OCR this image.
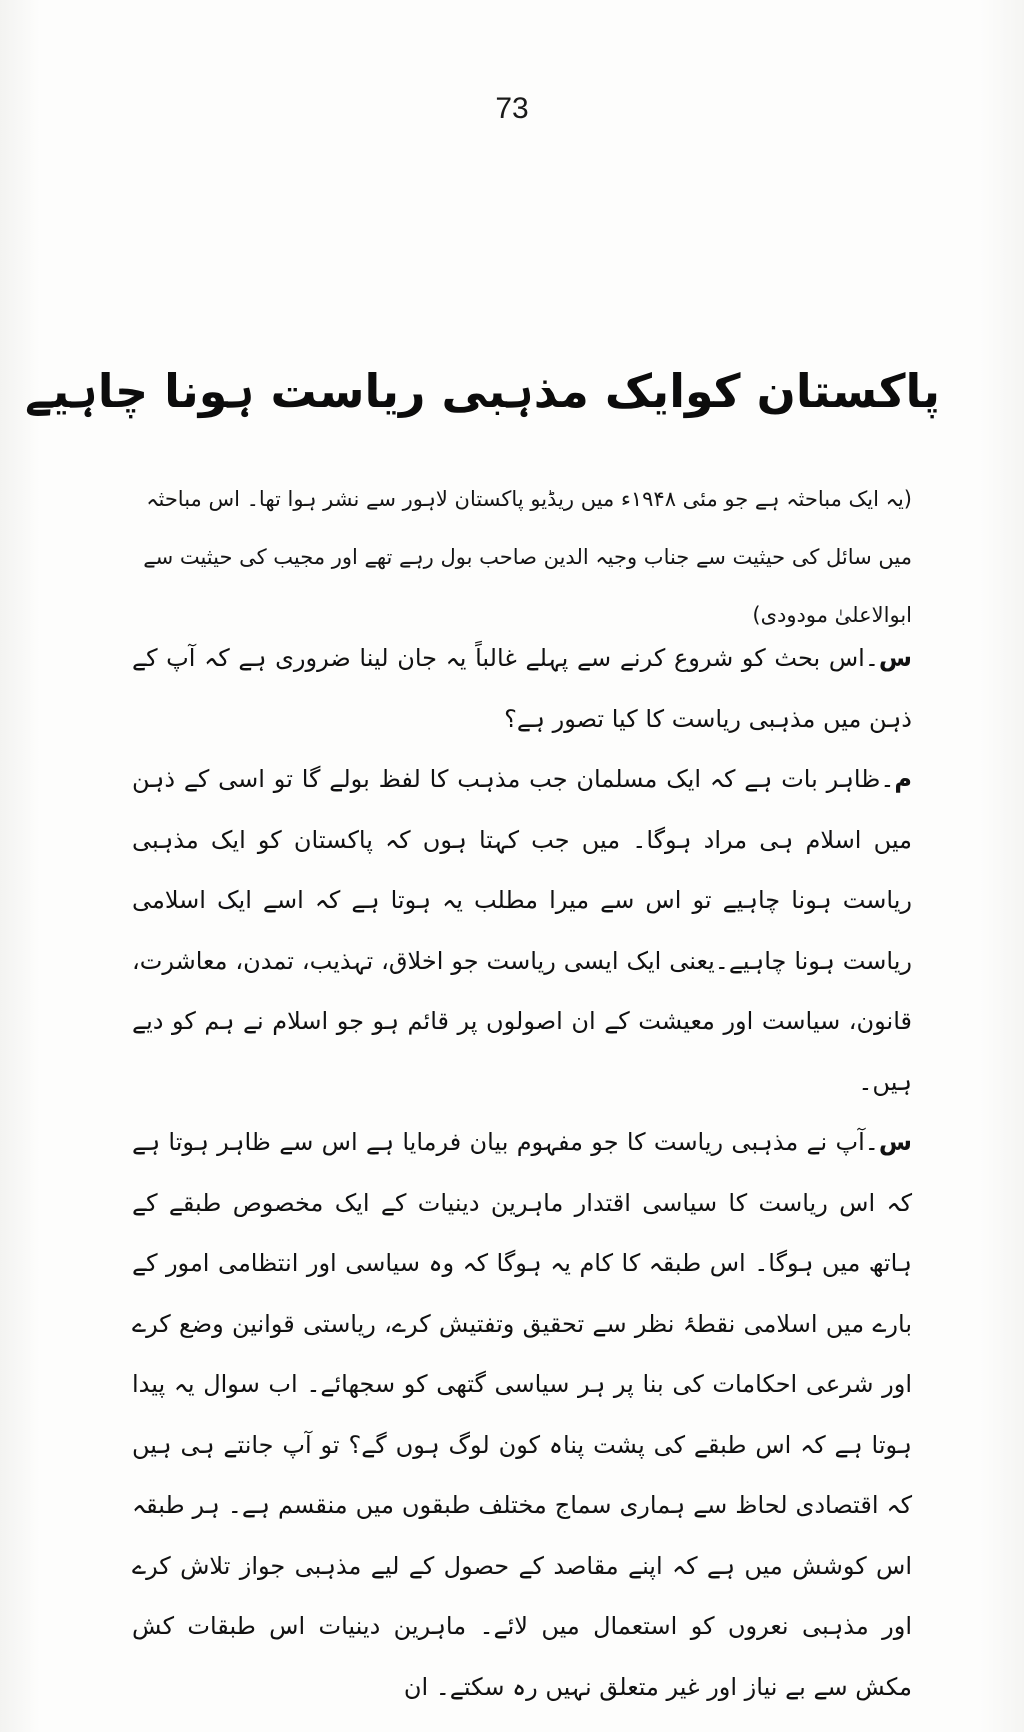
73
⠀
⠀
⠀
پاکستان کوایک مذہبی ریاست ہونا چاہیے
(یہ ایک مباحثہ ہے جو مئی ۱۹۴۸ء میں ریڈیو پاکستان لاہور سے نشر ہوا تھا۔ اس مباحثہ میں سائل کی حیثیت سے جناب وجیہ الدین صاحب بول رہے تھے اور مجیب کی حیثیت سے ابوالاعلیٰ مودودی)

س۔اس بحث کو شروع کرنے سے پہلے غالباً یہ جان لینا ضروری ہے کہ آپ کے ذہن میں مذہبی ریاست کا کیا تصور ہے؟

م۔ظاہر بات ہے کہ ایک مسلمان جب مذہب کا لفظ بولے گا تو اسی کے ذہن میں اسلام ہی مراد ہوگا۔ میں جب کہتا ہوں کہ پاکستان کو ایک مذہبی ریاست ہونا چاہیے تو اس سے میرا مطلب یہ ہوتا ہے کہ اسے ایک اسلامی ریاست ہونا چاہیے۔یعنی ایک ایسی ریاست جو اخلاق، تہذیب، تمدن، معاشرت، قانون، سیاست اور معیشت کے ان اصولوں پر قائم ہو جو اسلام نے ہم کو دیے ہیں۔

س۔آپ نے مذہبی ریاست کا جو مفہوم بیان فرمایا ہے اس سے ظاہر ہوتا ہے کہ اس ریاست کا سیاسی اقتدار ماہرین دینیات کے ایک مخصوص طبقے کے ہاتھ میں ہوگا۔ اس طبقہ کا کام یہ ہوگا کہ وہ سیاسی اور انتظامی امور کے بارے میں اسلامی نقطۂ نظر سے تحقیق وتفتیش کرے، ریاستی قوانین وضع کرے اور شرعی احکامات کی بنا پر ہر سیاسی گتھی کو سجھائے۔ اب سوال یہ پیدا ہوتا ہے کہ اس طبقے کی پشت پناہ کون لوگ ہوں گے؟ تو آپ جانتے ہی ہیں کہ اقتصادی لحاظ سے ہماری سماج مختلف طبقوں میں منقسم ہے۔ ہر طبقہ اس کوشش میں ہے کہ اپنے مقاصد کے حصول کے لیے مذہبی جواز تلاش کرے اور مذہبی نعروں کو استعمال میں لائے۔ ماہرین دینیات اس طبقات کش مکش سے بے نیاز اور غیر متعلق نہیں رہ سکتے۔ ان
